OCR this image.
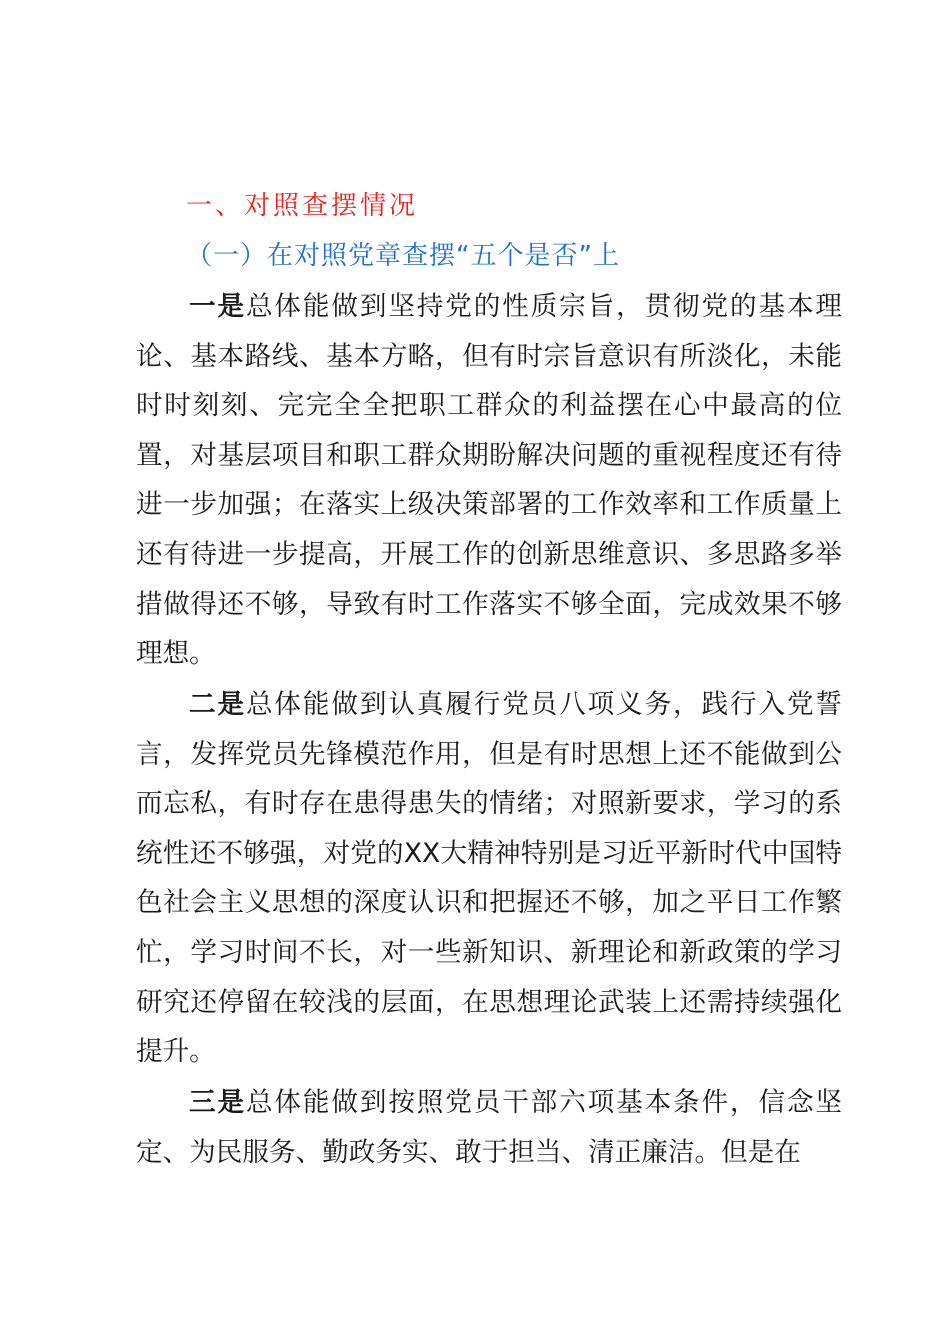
一、对照查摆情况
（一）在对照党章查摆“五个是否”上

一是总体能做到坚持党的性质宗旨，贯彻党的基本理论、基本路线、基本方略，但有时宗旨意识有所淡化，未能时时刻刻、完完全全把职工群众的利益摆在心中最高的位置，对基层项目和职工群众期盼解决问题的重视程度还有待进一步加强；在落实上级决策部署的工作效率和工作质量上还有待进一步提高，开展工作的创新思维意识、多思路多举措做得还不够，导致有时工作落实不够全面，完成效果不够理想。

二是总体能做到认真履行党员八项义务，践行入党誓言，发挥党员先锋模范作用，但是有时思想上还不能做到公而忘私，有时存在患得患失的情绪；对照新要求，学习的系统性还不够强，对党的XX大精神特别是习近平新时代中国特色社会主义思想的深度认识和把握还不够，加之平日工作繁忙，学习时间不长，对一些新知识、新理论和新政策的学习研究还停留在较浅的层面，在思想理论武装上还需持续强化提升。

三是总体能做到按照党员干部六项基本条件，信念坚定、为民服务、勤政务实、敢于担当、清正廉洁。但是在
